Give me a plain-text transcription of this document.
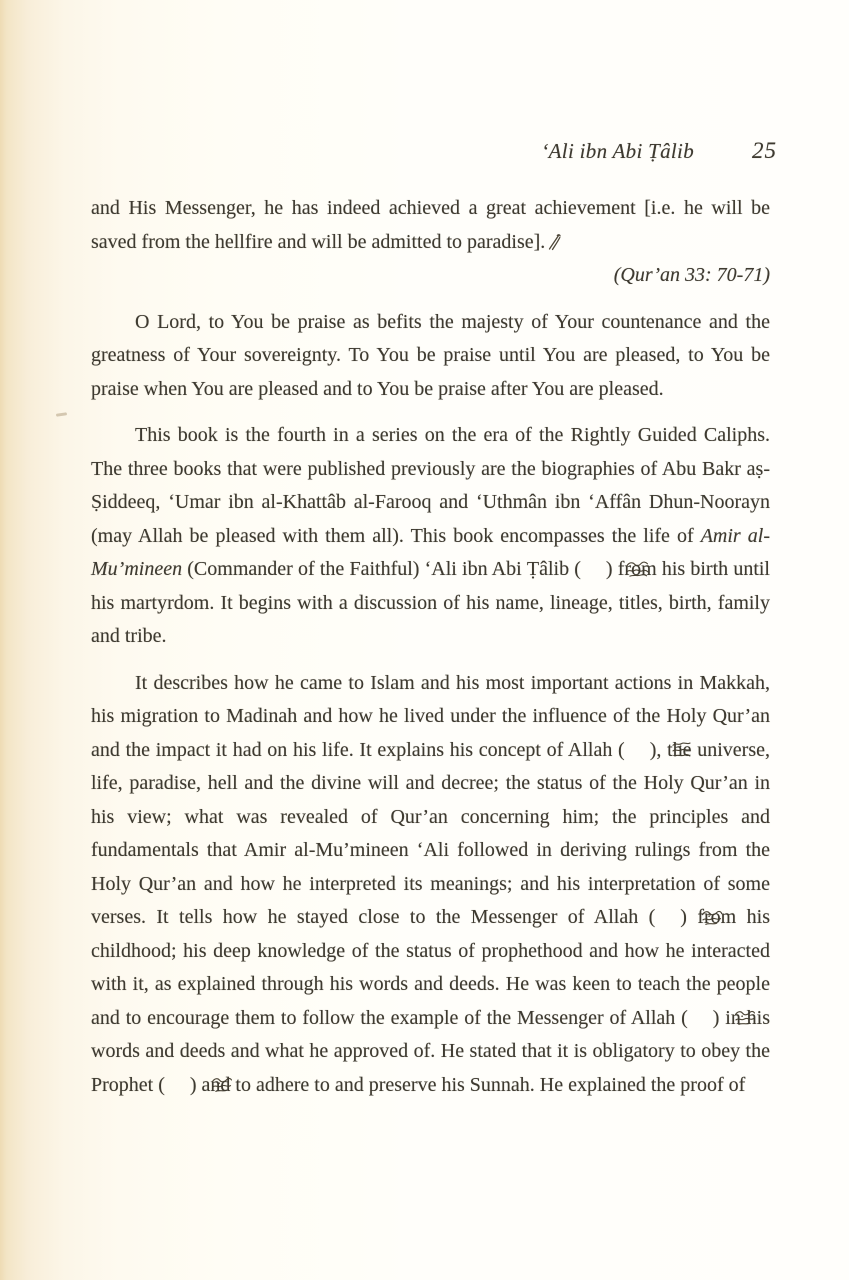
‘Ali ibn Abi Ṭâlib	25

and His Messenger, he has indeed achieved a great achievement [i.e. he will be saved from the hellfire and will be admitted to paradise].

(Qur’an 33: 70-71)

O Lord, to You be praise as befits the majesty of Your countenance and the greatness of Your sovereignty. To You be praise until You are pleased, to You be praise when You are pleased and to You be praise after You are pleased.

This book is the fourth in a series on the era of the Rightly Guided Caliphs. The three books that were published previously are the biographies of Abu Bakr aṣ-Ṣiddeeq, ‘Umar ibn al-Khattâb al-Farooq and ‘Uthmân ibn ‘Affân Dhun-Noorayn (may Allah be pleased with them all). This book encompasses the life of Amir al-Mu’mineen (Commander of the Faithful) ‘Ali ibn Abi Ṭâlib ( ) from his birth until his martyrdom. It begins with a discussion of his name, lineage, titles, birth, family and tribe.

It describes how he came to Islam and his most important actions in Makkah, his migration to Madinah and how he lived under the influence of the Holy Qur’an and the impact it had on his life. It explains his concept of Allah ( ), the universe, life, paradise, hell and the divine will and decree; the status of the Holy Qur’an in his view; what was revealed of Qur’an concerning him; the principles and fundamentals that Amir al-Mu’mineen ‘Ali followed in deriving rulings from the Holy Qur’an and how he interpreted its meanings; and his interpretation of some verses. It tells how he stayed close to the Messenger of Allah ( ) from his childhood; his deep knowledge of the status of prophethood and how he interacted with it, as explained through his words and deeds. He was keen to teach the people and to encourage them to follow the example of the Messenger of Allah ( ) in his words and deeds and what he approved of. He stated that it is obligatory to obey the Prophet ( ) and to adhere to and preserve his Sunnah. He explained the proof of
